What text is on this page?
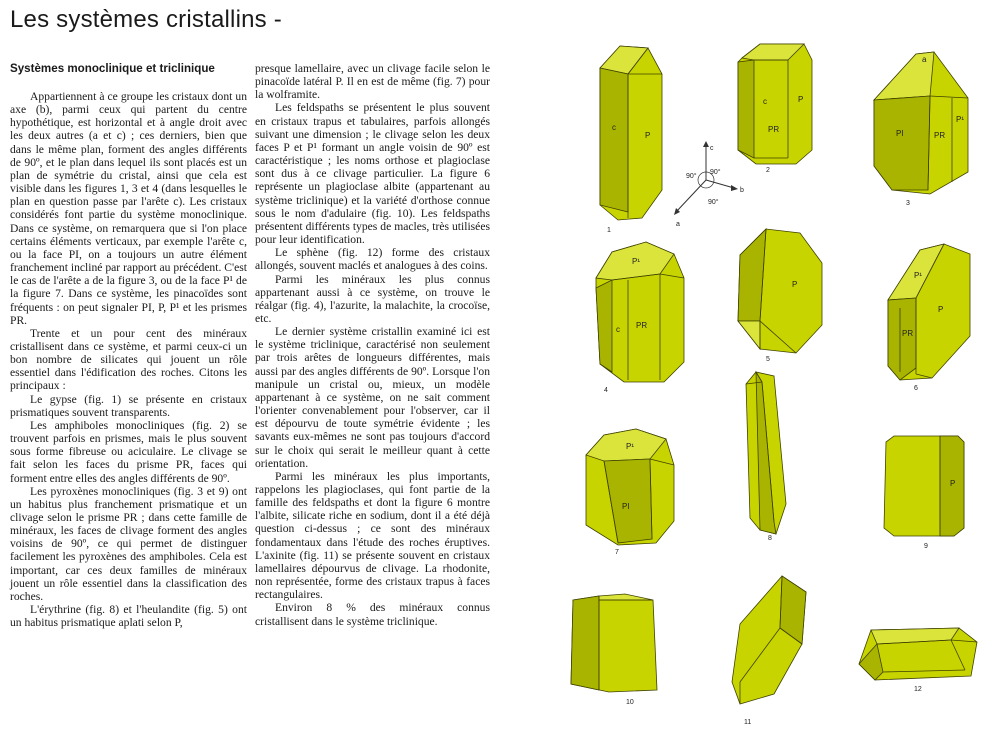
Les systèmes cristallins -
Systèmes monoclinique et triclinique

Appartiennent à ce groupe les cristaux dont un axe (b), parmi ceux qui partent du centre hypothétique, est horizontal et à angle droit avec les deux autres (a et c) ; ces derniers, bien que dans le même plan, forment des angles différents de 90º, et le plan dans lequel ils sont placés est un plan de symétrie du cristal, ainsi que cela est visible dans les figures 1, 3 et 4 (dans lesquelles le plan en question passe par l'arête c). Les cristaux considérés font partie du système monoclinique. Dans ce système, on remarquera que si l'on place certains éléments verticaux, par exemple l'arête c, ou la face PI, on a toujours un autre élément franchement incliné par rapport au précédent. C'est le cas de l'arête a de la figure 3, ou de la face P¹ de la figure 7. Dans ce système, les pinacoïdes sont fréquents : on peut signaler PI, P, P¹ et les prismes PR.

Trente et un pour cent des minéraux cristallisent dans ce système, et parmi ceux-ci un bon nombre de silicates qui jouent un rôle essentiel dans l'édification des roches. Citons les principaux :

Le gypse (fig. 1) se présente en cristaux prismatiques souvent transparents.

Les amphiboles monocliniques (fig. 2) se trouvent parfois en prismes, mais le plus souvent sous forme fibreuse ou aciculaire. Le clivage se fait selon les faces du prisme PR, faces qui forment entre elles des angles différents de 90º.

Les pyroxènes monocliniques (fig. 3 et 9) ont un habitus plus franchement prismatique et un clivage selon le prisme PR ; dans cette famille de minéraux, les faces de clivage forment des angles voisins de 90º, ce qui permet de distinguer facilement les pyroxènes des amphiboles. Cela est important, car ces deux familles de minéraux jouent un rôle essentiel dans la classification des roches.

L'érythrine (fig. 8) et l'heulandite (fig. 5) ont un habitus prismatique aplati selon P,

presque lamellaire, avec un clivage facile selon le pinacoïde latéral P. Il en est de même (fig. 7) pour la wolframite.

Les feldspaths se présentent le plus souvent en cristaux trapus et tabulaires, parfois allongés suivant une dimension ; le clivage selon les deux faces P et P¹ formant un angle voisin de 90º est caractéristique ; les noms orthose et plagioclase sont dus à ce clivage particulier. La figure 6 représente un plagioclase albite (appartenant au système triclinique) et la variété d'orthose connue sous le nom d'adulaire (fig. 10). Les feldspaths présentent différents types de macles, très utilisées pour leur identification.

Le sphène (fig. 12) forme des cristaux allongés, souvent maclés et analogues à des coins.

Parmi les minéraux les plus connus appartenant aussi à ce système, on trouve le réalgar (fig. 4), l'azurite, la malachite, la crocoïse, etc.

Le dernier système cristallin examiné ici est le système triclinique, caractérisé non seulement par trois arêtes de longueurs différentes, mais aussi par des angles différents de 90º. Lorsque l'on manipule un cristal ou, mieux, un modèle appartenant à ce système, on ne sait comment l'orienter convenablement pour l'observer, car il est dépourvu de toute symétrie évidente ; les savants eux-mêmes ne sont pas toujours d'accord sur le choix qui serait le meilleur quant à cette orientation.

Parmi les minéraux les plus importants, rappelons les plagioclases, qui font partie de la famille des feldspaths et dont la figure 6 montre l'albite, silicate riche en sodium, dont il a été déjà question ci-dessus ; ce sont des minéraux fondamentaux dans l'étude des roches éruptives. L'axinite (fig. 11) se présente souvent en cristaux lamellaires dépourvus de clivage. La rhodonite, non représentée, forme des cristaux trapus à faces rectangulaires.

Environ 8 % des minéraux connus cristallisent dans le système triclinique.

c
P
1
c	P
PR
2
a
PI	PR
P¹
3
c
b
a
90°
90°
90°
P¹
c PR
4
P
5
P¹
P
PR
6
P¹
PI
7
8
P
9
10
11
12
